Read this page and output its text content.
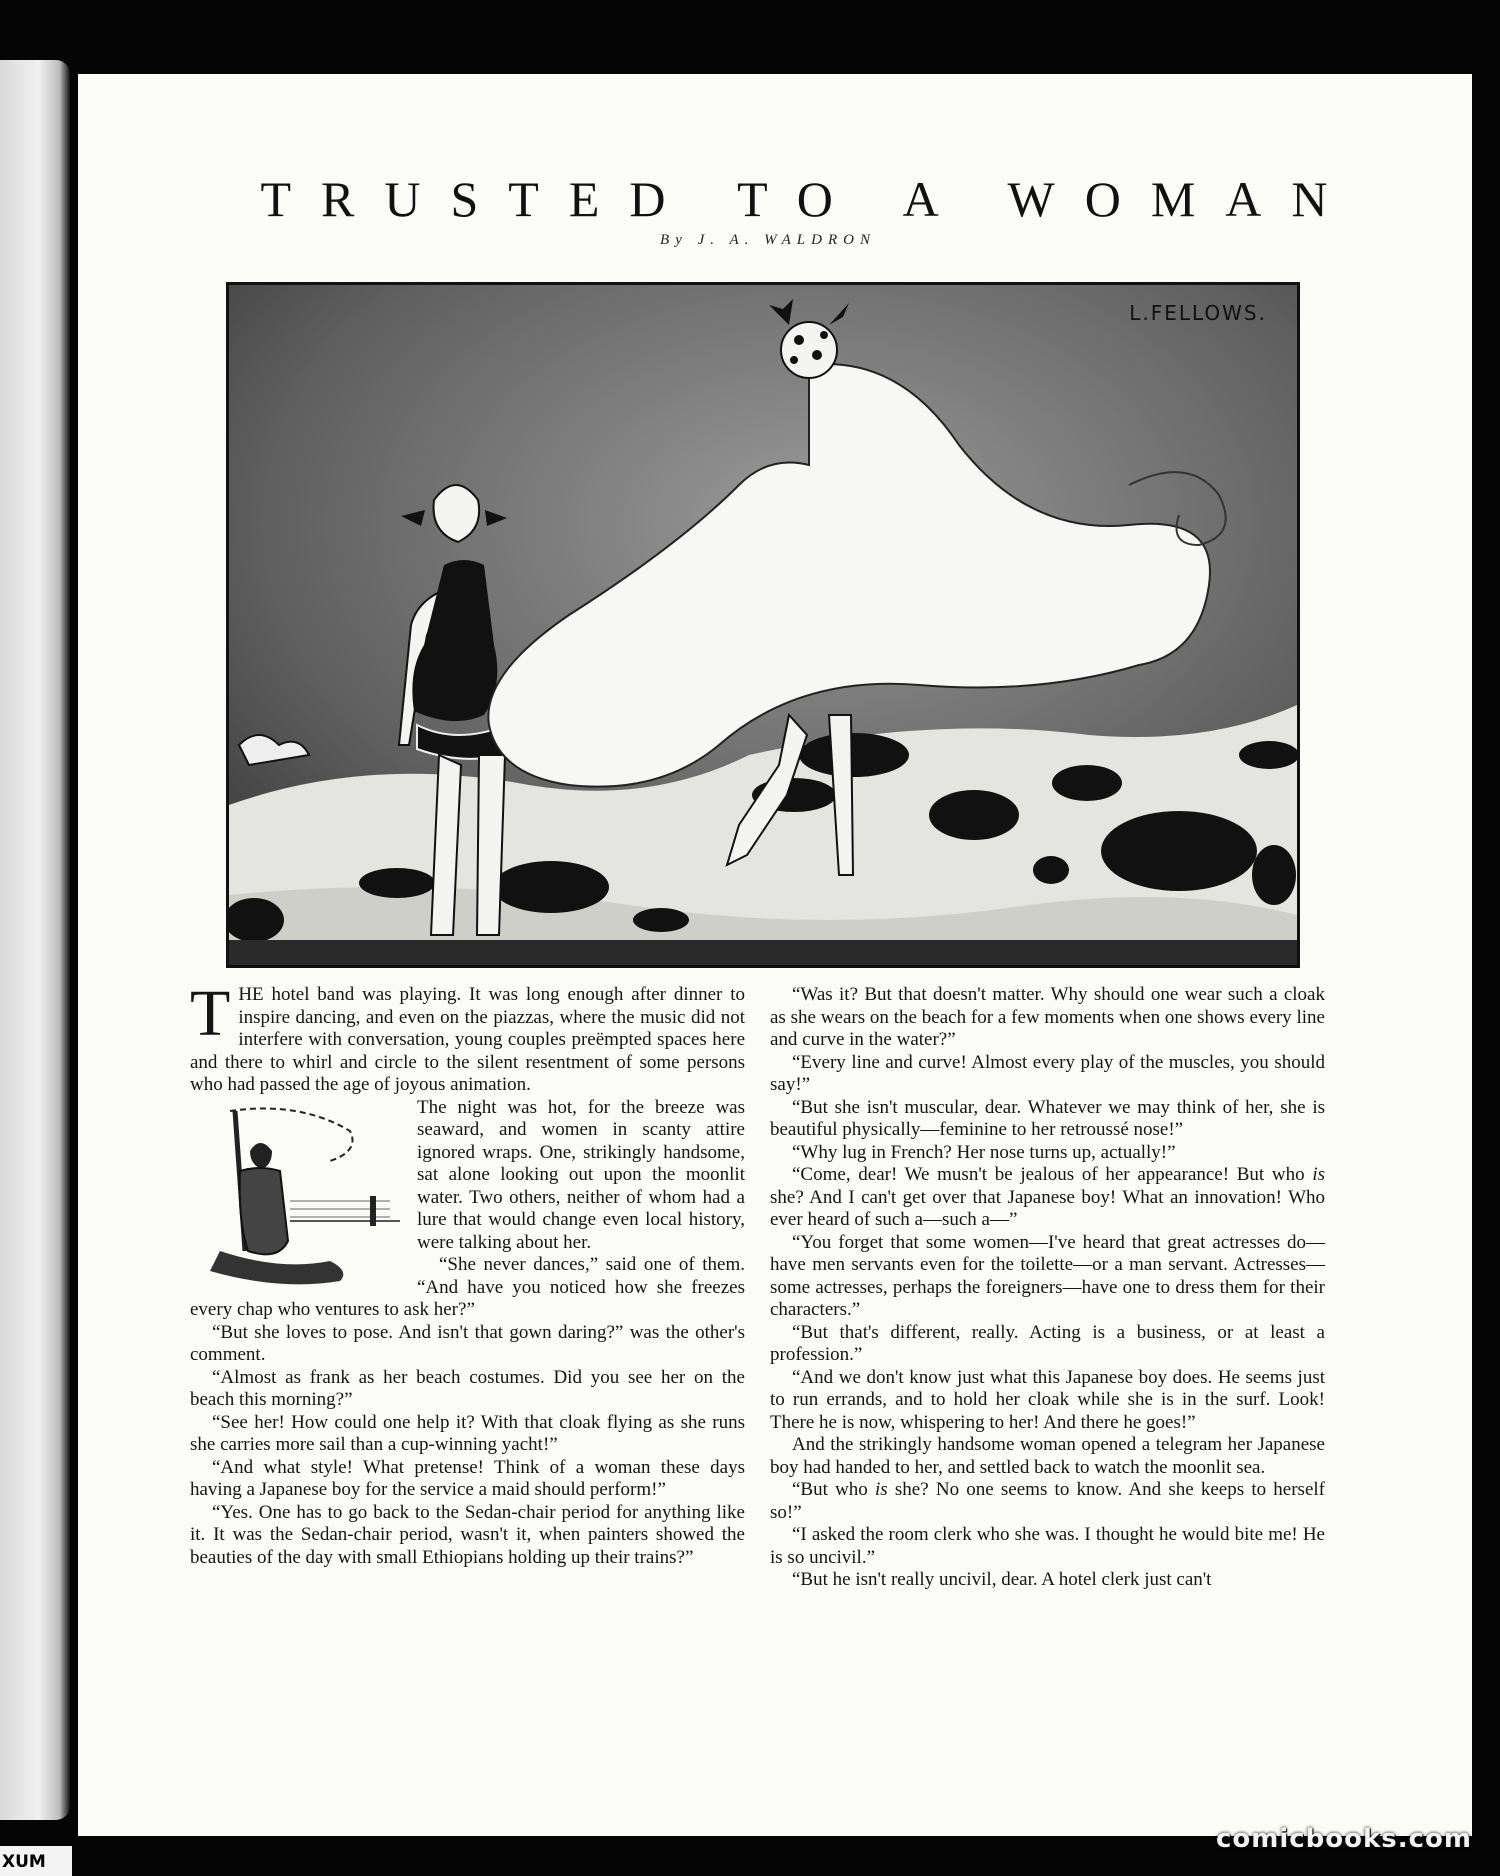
TRUSTED TO A WOMAN

By J. A. WALDRON

L.FELLOWS.

THE hotel band was playing. It was long enough after dinner to inspire dancing, and even on the piazzas, where the music did not interfere with conversation, young couples preëmpted spaces here and there to whirl and circle to the silent resentment of some persons who had passed the age of joyous animation.

The night was hot, for the breeze was seaward, and women in scanty attire ignored wraps. One, strikingly handsome, sat alone looking out upon the moonlit water. Two others, neither of whom had a lure that would change even local history, were talking about her.

“She never dances,” said one of them. “And have you noticed how she freezes every chap who ventures to ask her?”

“But she loves to pose. And isn't that gown daring?” was the other's comment.

“Almost as frank as her beach costumes. Did you see her on the beach this morning?”

“See her! How could one help it? With that cloak flying as she runs she carries more sail than a cup-winning yacht!”

“And what style! What pretense! Think of a woman these days having a Japanese boy for the service a maid should perform!”

“Yes. One has to go back to the Sedan-chair period for anything like it. It was the Sedan-chair period, wasn't it, when painters showed the beauties of the day with small Ethiopians holding up their trains?”

“Was it? But that doesn't matter. Why should one wear such a cloak as she wears on the beach for a few moments when one shows every line and curve in the water?”

“Every line and curve! Almost every play of the muscles, you should say!”

“But she isn't muscular, dear. Whatever we may think of her, she is beautiful physically—feminine to her retroussé nose!”

“Why lug in French? Her nose turns up, actually!”

“Come, dear! We musn't be jealous of her appearance! But who is she? And I can't get over that Japanese boy! What an innovation! Who ever heard of such a—such a—”

“You forget that some women—I've heard that great actresses do—have men servants even for the toilette—or a man servant. Actresses—some actresses, perhaps the foreigners—have one to dress them for their characters.”

“But that's different, really. Acting is a business, or at least a profession.”

“And we don't know just what this Japanese boy does. He seems just to run errands, and to hold her cloak while she is in the surf. Look! There he is now, whispering to her! And there he goes!”

And the strikingly handsome woman opened a telegram her Japanese boy had handed to her, and settled back to watch the moonlit sea.

“But who is she? No one seems to know. And she keeps to herself so!”

“I asked the room clerk who she was. I thought he would bite me! He is so uncivil.”

“But he isn't really uncivil, dear. A hotel clerk just can't

comicbooks.com
XUM
